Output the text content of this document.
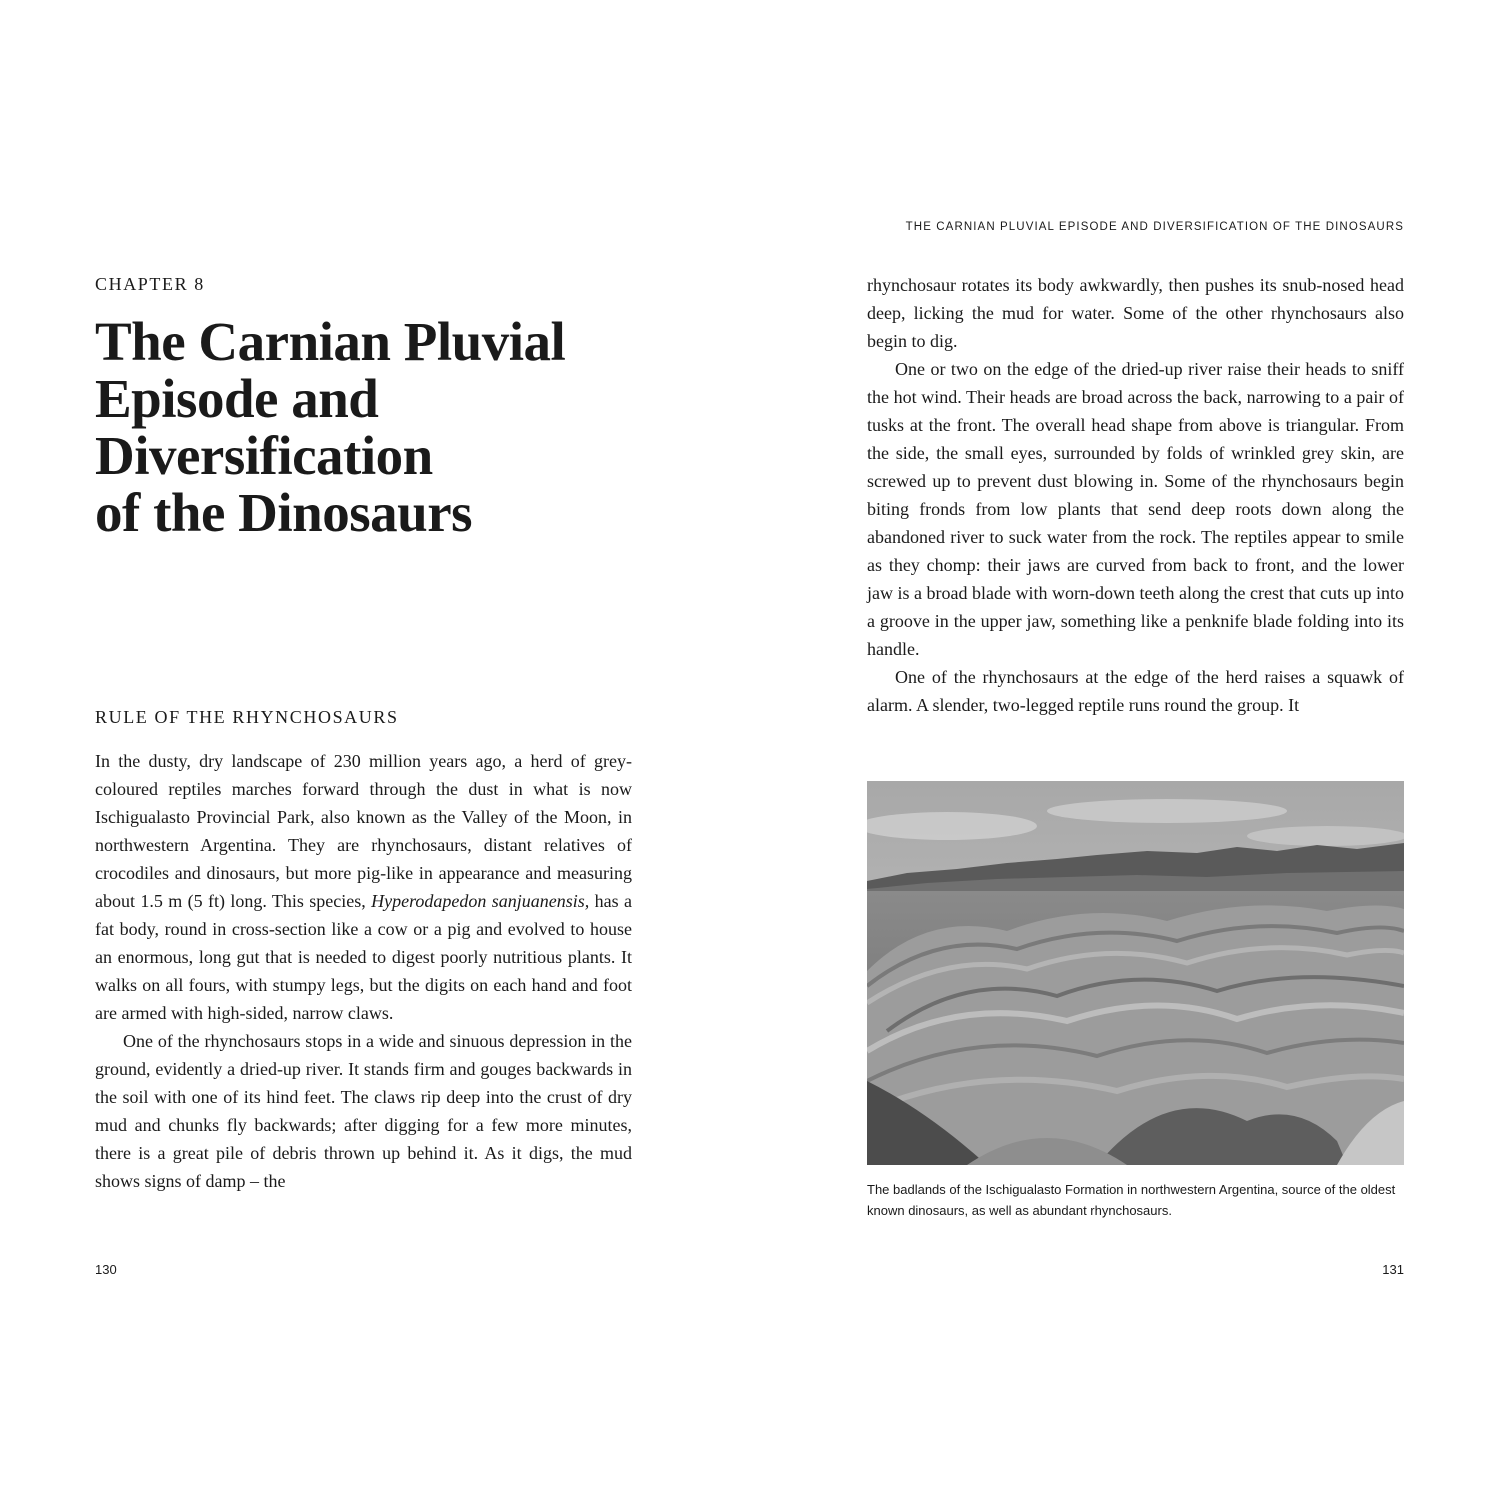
CHAPTER 8
The Carnian Pluvial
Episode and
Diversification
of the Dinosaurs
RULE OF THE RHYNCHOSAURS

In the dusty, dry landscape of 230 million years ago, a herd of grey-coloured reptiles marches forward through the dust in what is now Ischigualasto Provincial Park, also known as the Valley of the Moon, in northwestern Argentina. They are rhynchosaurs, distant relatives of crocodiles and dinosaurs, but more pig-like in appearance and measuring about 1.5 m (5 ft) long. This species, Hyperodapedon sanjuanensis, has a fat body, round in cross-section like a cow or a pig and evolved to house an enormous, long gut that is needed to digest poorly nutritious plants. It walks on all fours, with stumpy legs, but the digits on each hand and foot are armed with high-sided, narrow claws.

One of the rhynchosaurs stops in a wide and sinuous depression in the ground, evidently a dried-up river. It stands firm and gouges backwards in the soil with one of its hind feet. The claws rip deep into the crust of dry mud and chunks fly backwards; after digging for a few more minutes, there is a great pile of debris thrown up behind it. As it digs, the mud shows signs of damp – the

130

THE CARNIAN PLUVIAL EPISODE AND DIVERSIFICATION OF THE DINOSAURS

rhynchosaur rotates its body awkwardly, then pushes its snub-nosed head deep, licking the mud for water. Some of the other rhynchosaurs also begin to dig.

One or two on the edge of the dried-up river raise their heads to sniff the hot wind. Their heads are broad across the back, narrowing to a pair of tusks at the front. The overall head shape from above is triangular. From the side, the small eyes, surrounded by folds of wrinkled grey skin, are screwed up to prevent dust blowing in. Some of the rhynchosaurs begin biting fronds from low plants that send deep roots down along the abandoned river to suck water from the rock. The reptiles appear to smile as they chomp: their jaws are curved from back to front, and the lower jaw is a broad blade with worn-down teeth along the crest that cuts up into a groove in the upper jaw, something like a penknife blade folding into its handle.

One of the rhynchosaurs at the edge of the herd raises a squawk of alarm. A slender, two-legged reptile runs round the group. It

The badlands of the Ischigualasto Formation in northwestern Argentina, source of the oldest known dinosaurs, as well as abundant rhynchosaurs.

131
